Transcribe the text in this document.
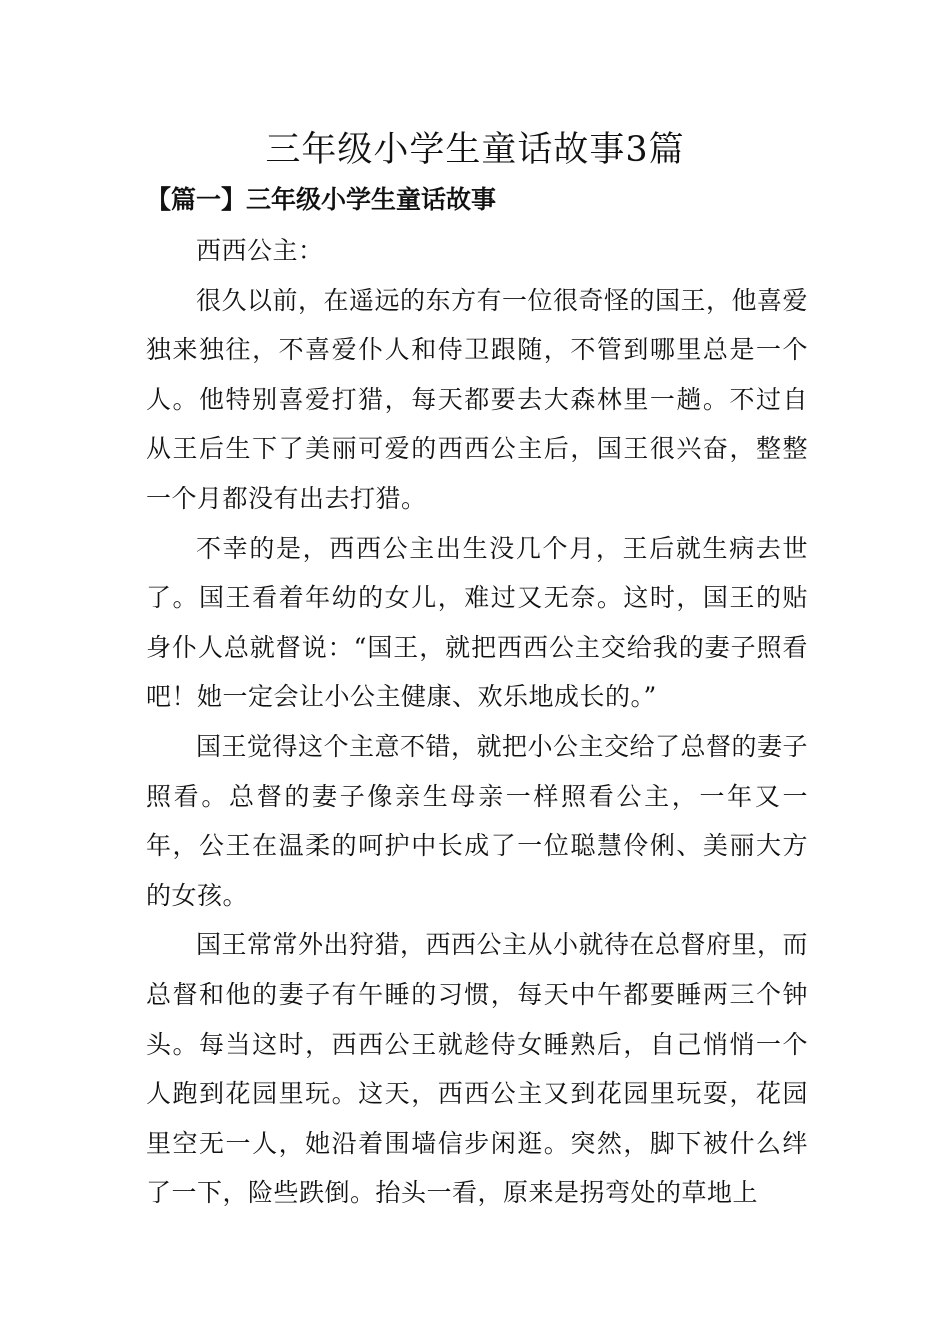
三年级小学生童话故事3篇
【篇一】三年级小学生童话故事

西西公主：

很久以前，在遥远的东方有一位很奇怪的国王，他喜爱独来独往，不喜爱仆人和侍卫跟随，不管到哪里总是一个人。他特别喜爱打猎，每天都要去大森林里一趟。不过自从王后生下了美丽可爱的西西公主后，国王很兴奋，整整一个月都没有出去打猎。

不幸的是，西西公主出生没几个月，王后就生病去世了。国王看着年幼的女儿，难过又无奈。这时，国王的贴身仆人总就督说：“国王，就把西西公主交给我的妻子照看吧！她一定会让小公主健康、欢乐地成长的。”

国王觉得这个主意不错，就把小公主交给了总督的妻子照看。总督的妻子像亲生母亲一样照看公主，一年又一年，公王在温柔的呵护中长成了一位聪慧伶俐、美丽大方的女孩。

国王常常外出狩猎，西西公主从小就待在总督府里，而总督和他的妻子有午睡的习惯，每天中午都要睡两三个钟头。每当这时，西西公王就趁侍女睡熟后，自己悄悄一个人跑到花园里玩。这天，西西公主又到花园里玩耍，花园里空无一人，她沿着围墙信步闲逛。突然，脚下被什么绊了一下，险些跌倒。抬头一看，原来是拐弯处的草地上
